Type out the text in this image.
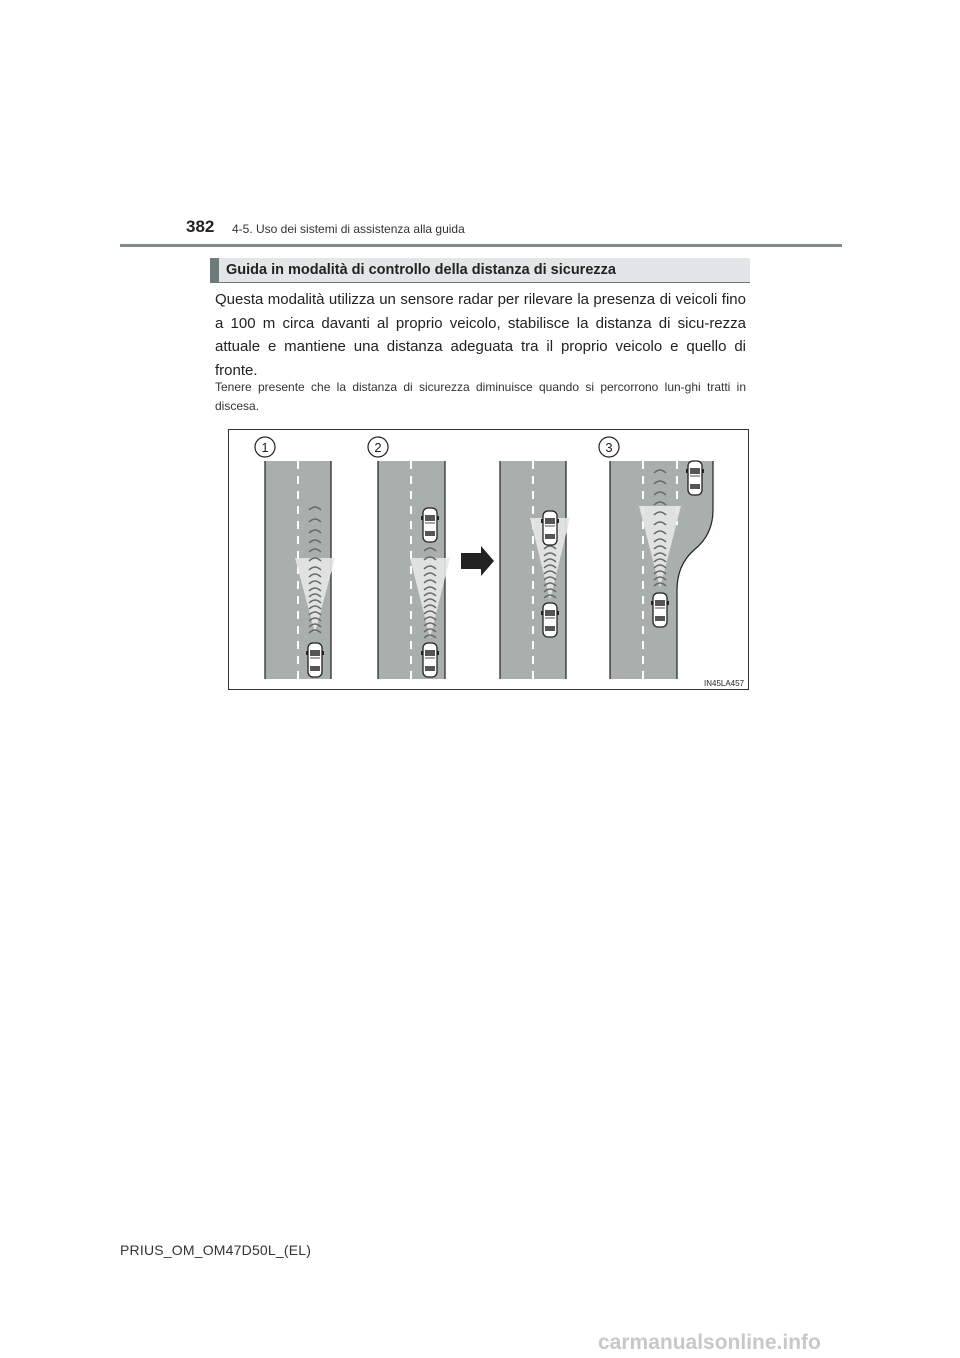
382 4-5. Uso dei sistemi di assistenza alla guida
Guida in modalità di controllo della distanza di sicurezza
Questa modalità utilizza un sensore radar per rilevare la presenza di veicoli fino a 100 m circa davanti al proprio veicolo, stabilisce la distanza di sicu-rezza attuale e mantiene una distanza adeguata tra il proprio veicolo e quello di fronte.
Tenere presente che la distanza di sicurezza diminuisce quando si percorrono lun-ghi tratti in discesa.
1	2	3
IN45LA457
PRIUS_OM_OM47D50L_(EL)
carmanualsonline.info
